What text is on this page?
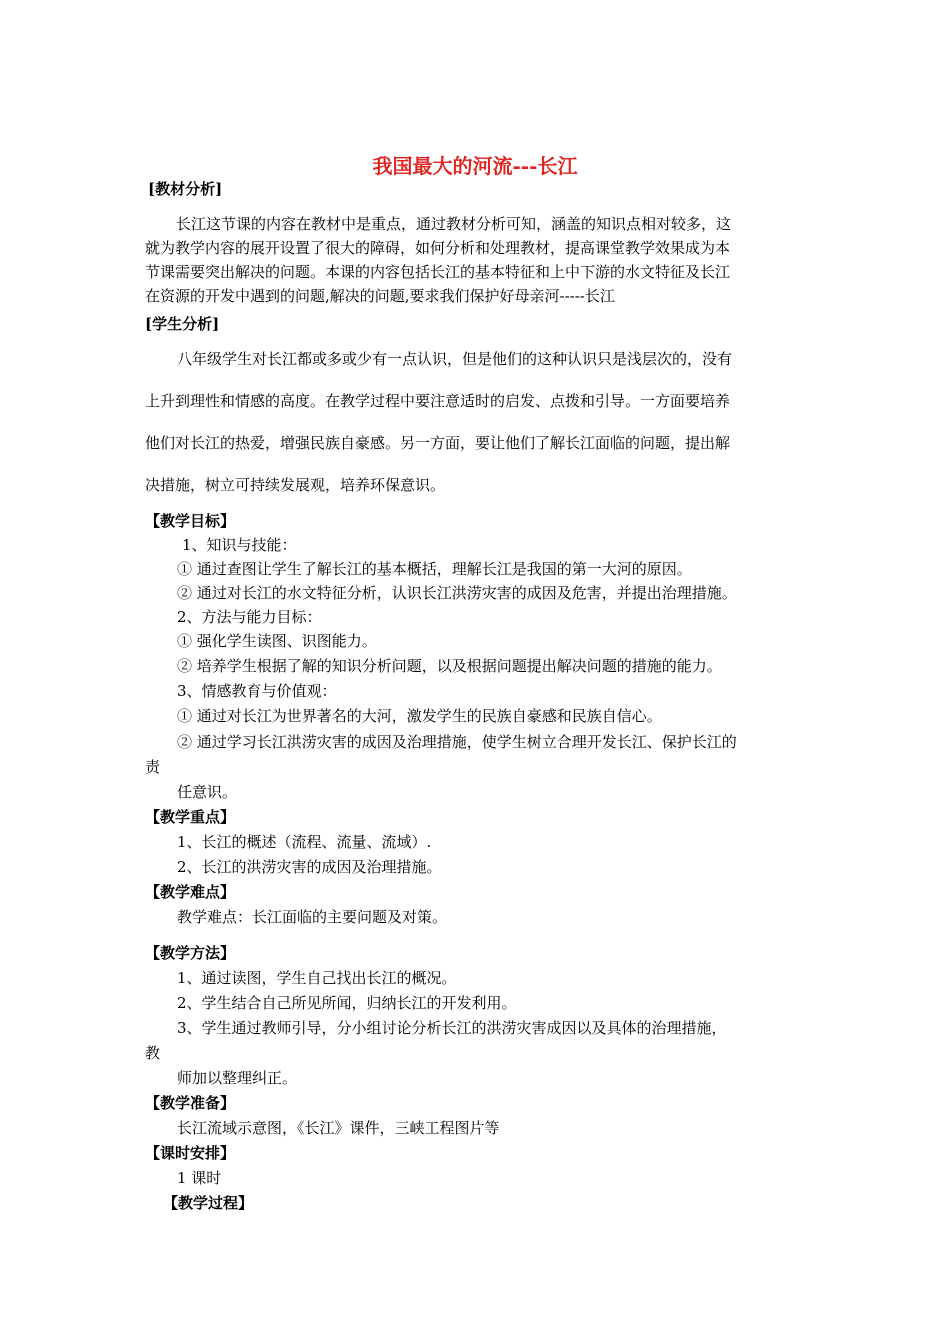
我国最大的河流---长江
[教材分析]
长江这节课的内容在教材中是重点，通过教材分析可知，涵盖的知识点相对较多，这
就为教学内容的展开设置了很大的障碍，如何分析和处理教材，提高课堂教学效果成为本
节课需要突出解决的问题。本课的内容包括长江的基本特征和上中下游的水文特征及长江
在资源的开发中遇到的问题,解决的问题,要求我们保护好母亲河-----长江
[学生分析]
八年级学生对长江都或多或少有一点认识，但是他们的这种认识只是浅层次的，没有
上升到理性和情感的高度。在教学过程中要注意适时的启发、点拨和引导。一方面要培养
他们对长江的热爱，增强民族自豪感。另一方面，要让他们了解长江面临的问题，提出解
决措施，树立可持续发展观，培养环保意识。
【教学目标】
1、知识与技能：
① 通过查图让学生了解长江的基本概括，理解长江是我国的第一大河的原因。
② 通过对长江的水文特征分析，认识长江洪涝灾害的成因及危害，并提出治理措施。
2、方法与能力目标：
① 强化学生读图、识图能力。
② 培养学生根据了解的知识分析问题，以及根据问题提出解决问题的措施的能力。
3、情感教育与价值观：
① 通过对长江为世界著名的大河，激发学生的民族自豪感和民族自信心。
② 通过学习长江洪涝灾害的成因及治理措施，使学生树立合理开发长江、保护长江的
责
任意识。
【教学重点】
1、长江的概述（流程、流量、流域）.
2、长江的洪涝灾害的成因及治理措施。
【教学难点】
教学难点：长江面临的主要问题及对策。
【教学方法】
1、通过读图，学生自己找出长江的概况。
2、学生结合自己所见所闻，归纳长江的开发利用。
3、学生通过教师引导，分小组讨论分析长江的洪涝灾害成因以及具体的治理措施，
教
师加以整理纠正。
【教学准备】
长江流域示意图，《长江》课件，三峡工程图片等
【课时安排】
1 课时
【教学过程】
